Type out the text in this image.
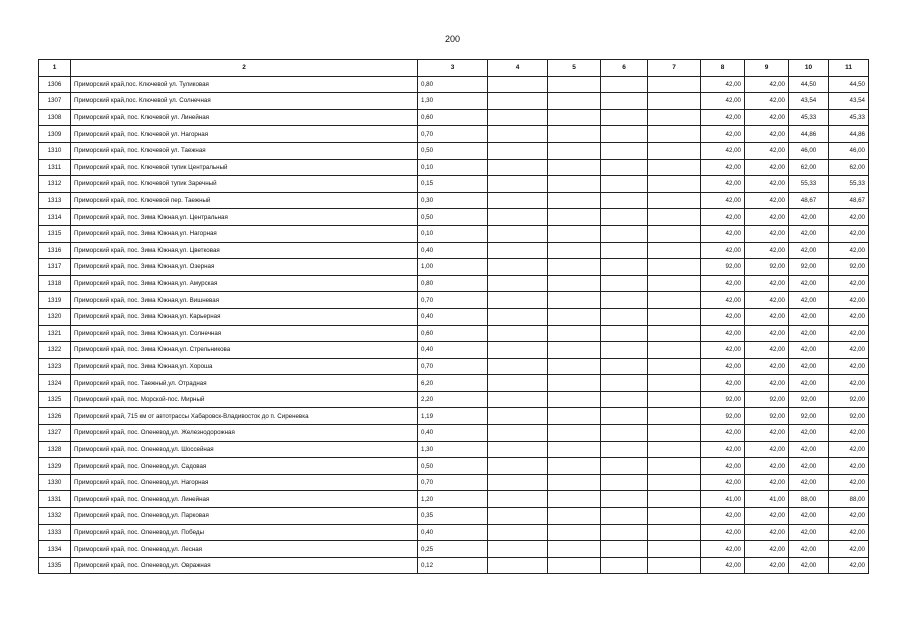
200
1	2	3	4	5	6	7	8	9	10	11
1306	Приморский край,пос. Ключевой ул. Туликовая	0,80					42,00	42,00	44,50	44,50
1307	Приморский край,пос. Ключевой ул. Солнечная	1,30					42,00	42,00	43,54	43,54
1308	Приморский край, пос. Ключевой ул. Линейная	0,60					42,00	42,00	45,33	45,33
1309	Приморский край, пос. Ключевой ул. Нагорная	0,70					42,00	42,00	44,86	44,86
1310	Приморский край, пос. Ключевой ул. Таежная	0,50					42,00	42,00	46,00	46,00
1311	Приморский край, пос. Ключевой тупик Центральный	0,10					42,00	42,00	62,00	62,00
1312	Приморский край, пос. Ключевой тупик Заречный	0,15					42,00	42,00	55,33	55,33
1313	Приморский край, пос. Ключевой пер. Таежный	0,30					42,00	42,00	48,67	48,67
1314	Приморский край, пос. Зима Южная,ул. Центральная	0,50					42,00	42,00	42,00	42,00
1315	Приморский край, пос. Зима Южная,ул. Нагорная	0,10					42,00	42,00	42,00	42,00
1316	Приморский край, пос. Зима Южная,ул. Цветковая	0,40					42,00	42,00	42,00	42,00
1317	Приморский край, пос. Зима Южная,ул. Озерная	1,00					92,00	92,00	92,00	92,00
1318	Приморский край, пос. Зима Южная,ул. Амурская	0,80					42,00	42,00	42,00	42,00
1319	Приморский край, пос. Зима Южная,ул. Вишневая	0,70					42,00	42,00	42,00	42,00
1320	Приморский край, пос. Зима Южная,ул. Карьерная	0,40					42,00	42,00	42,00	42,00
1321	Приморский край, пос. Зима Южная,ул. Солнечная	0,60					42,00	42,00	42,00	42,00
1322	Приморский край, пос. Зима Южная,ул. Стрельникова	0,40					42,00	42,00	42,00	42,00
1323	Приморский край, пос. Зима Южная,ул. Хороша	0,70					42,00	42,00	42,00	42,00
1324	Приморский край, пос. Таежный,ул. Отрадная	6,20					42,00	42,00	42,00	42,00
1325	Приморский край, пос. Морской-пос. Мирный	2,20					92,00	92,00	92,00	92,00
1326	Приморский край, 715 км от автотрассы Хабаровск-Владивосток до п. Сиреневка	1,19					92,00	92,00	92,00	92,00
1327	Приморский край, пос. Оленевод,ул. Железнодорожная	0,40					42,00	42,00	42,00	42,00
1328	Приморский край, пос. Оленевод,ул. Шоссейная	1,30					42,00	42,00	42,00	42,00
1329	Приморский край, пос. Оленевод,ул. Садовая	0,50					42,00	42,00	42,00	42,00
1330	Приморский край, пос. Оленевод,ул. Нагорная	0,70					42,00	42,00	42,00	42,00
1331	Приморский край, пос. Оленевод,ул. Линейная	1,20					41,00	41,00	88,00	88,00
1332	Приморский край, пос. Оленевод,ул. Парковая	0,35					42,00	42,00	42,00	42,00
1333	Приморский край, пос. Оленевод,ул. Победы	0,40					42,00	42,00	42,00	42,00
1334	Приморский край, пос. Оленевод,ул. Лесная	0,25					42,00	42,00	42,00	42,00
1335	Приморский край, пос. Оленевод,ул. Овражная	0,12					42,00	42,00	42,00	42,00
